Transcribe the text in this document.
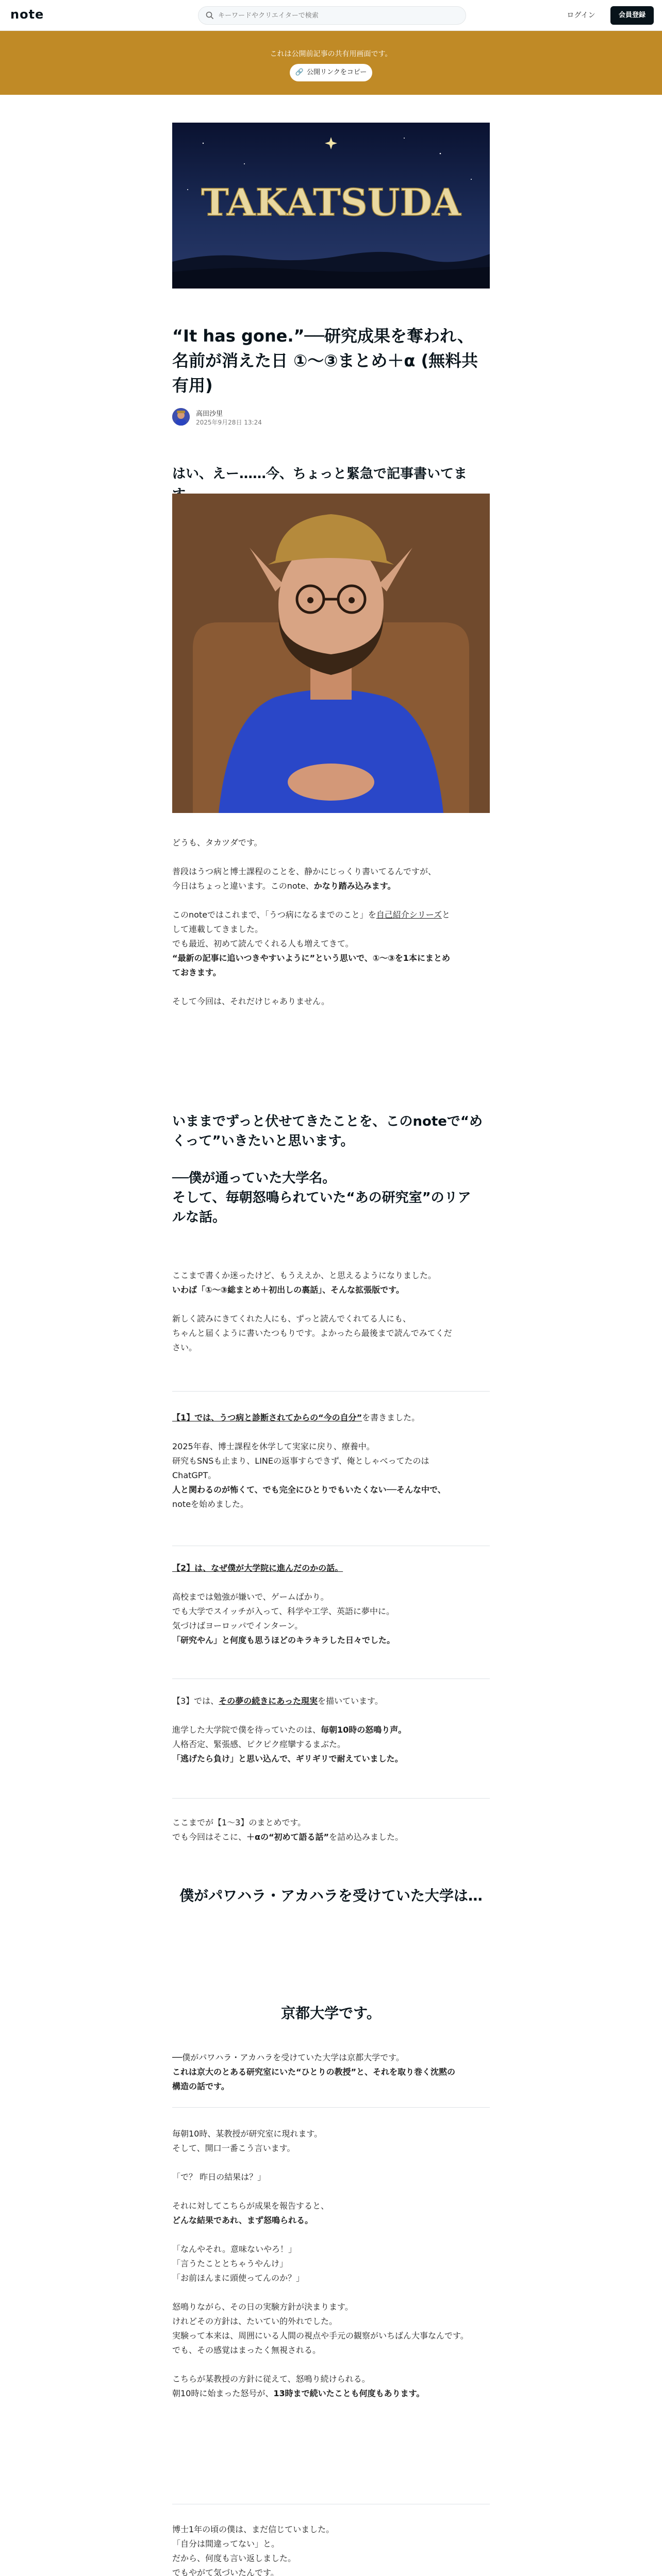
note
キーワードやクリエイターで検索	ログイン	会員登録
これは公開前記事の共有用画面です。
🔗 公開リンクをコピー
TAKATSUDA
“It has gone.”──研究成果を奪われ、
名前が消えた日 ①〜③まとめ＋α (無料共
有用)
高田沙里
2025年9月28日 13:24
はい、えー……今、ちょっと緊急で記事書いてま

どうも、タカツダです。

普段はうつ病と博士課程のことを、静かにじっくり書いてるんですが、

今日はちょっと違います。このnote、かなり踏み込みます。

このnoteではこれまで、「うつ病になるまでのこと」を自己紹介シリーズと

して連載してきました。

でも最近、初めて読んでくれる人も増えてきて。

“最新の記事に追いつきやすいように”という思いで、①〜③を1本にまとめ

ておきます。

そして今回は、それだけじゃありません。

いままでずっと伏せてきたことを、このnoteで“め
くって”いきたいと思います。
──僕が通っていた大学名。
そして、毎朝怒鳴られていた“あの研究室”のリア
ルな話。

ここまで書くか迷ったけど、もうええか、と思えるようになりました。

いわば「①〜③総まとめ＋初出しの裏話」、そんな拡張版です。

新しく読みにきてくれた人にも、ずっと読んでくれてる人にも、

ちゃんと届くように書いたつもりです。よかったら最後まで読んでみてくだ

さい。

【1】では、うつ病と診断されてからの“今の自分”を書きました。

2025年春、博士課程を休学して実家に戻り、療養中。

研究もSNSも止まり、LINEの返事すらできず、俺としゃべってたのは

ChatGPT。

人と関わるのが怖くて、でも完全にひとりでもいたくない──そんな中で、

noteを始めました。

【2】は、なぜ僕が大学院に進んだのかの話。

高校までは勉強が嫌いで、ゲームばかり。

でも大学でスイッチが入って、科学や工学、英語に夢中に。

気づけばヨーロッパでインターン。

「研究やん」と何度も思うほどのキラキラした日々でした。

【3】では、その夢の続きにあった現実を描いています。

進学した大学院で僕を待っていたのは、毎朝10時の怒鳴り声。

人格否定、緊張感、ピクピク痙攣するまぶた。

「逃げたら負け」と思い込んで、ギリギリで耐えていました。

ここまでが【1〜3】のまとめです。

でも今回はそこに、＋αの“初めて語る話”を詰め込みました。

僕がパワハラ・アカハラを受けていた大学は…
京都大学です。

──僕がパワハラ・アカハラを受けていた大学は京都大学です。

これは京大のとある研究室にいた“ひとりの教授”と、それを取り巻く沈黙の

構造の話です。

毎朝10時、某教授が研究室に現れます。

そして、開口一番こう言います。

「で？ 昨日の結果は？」

それに対してこちらが成果を報告すると、

どんな結果であれ、まず怒鳴られる。

「なんやそれ。意味ないやろ！」

「言うたこととちゃうやんけ」

「お前ほんまに頭使ってんのか？」

怒鳴りながら、その日の実験方針が決まります。

けれどその方針は、たいてい的外れでした。

実験って本来は、周囲にいる人間の視点や手元の観察がいちばん大事なんです。

でも、その感覚はまったく無視される。

こちらが某教授の方針に従えて、怒鳴り続けられる。

朝10時に始まった怒号が、13時まで続いたことも何度もあります。

博士1年の頃の僕は、まだ信じていました。

「自分は間違ってない」と。

だから、何度も言い返しました。

でもやがて気づいたんです。
